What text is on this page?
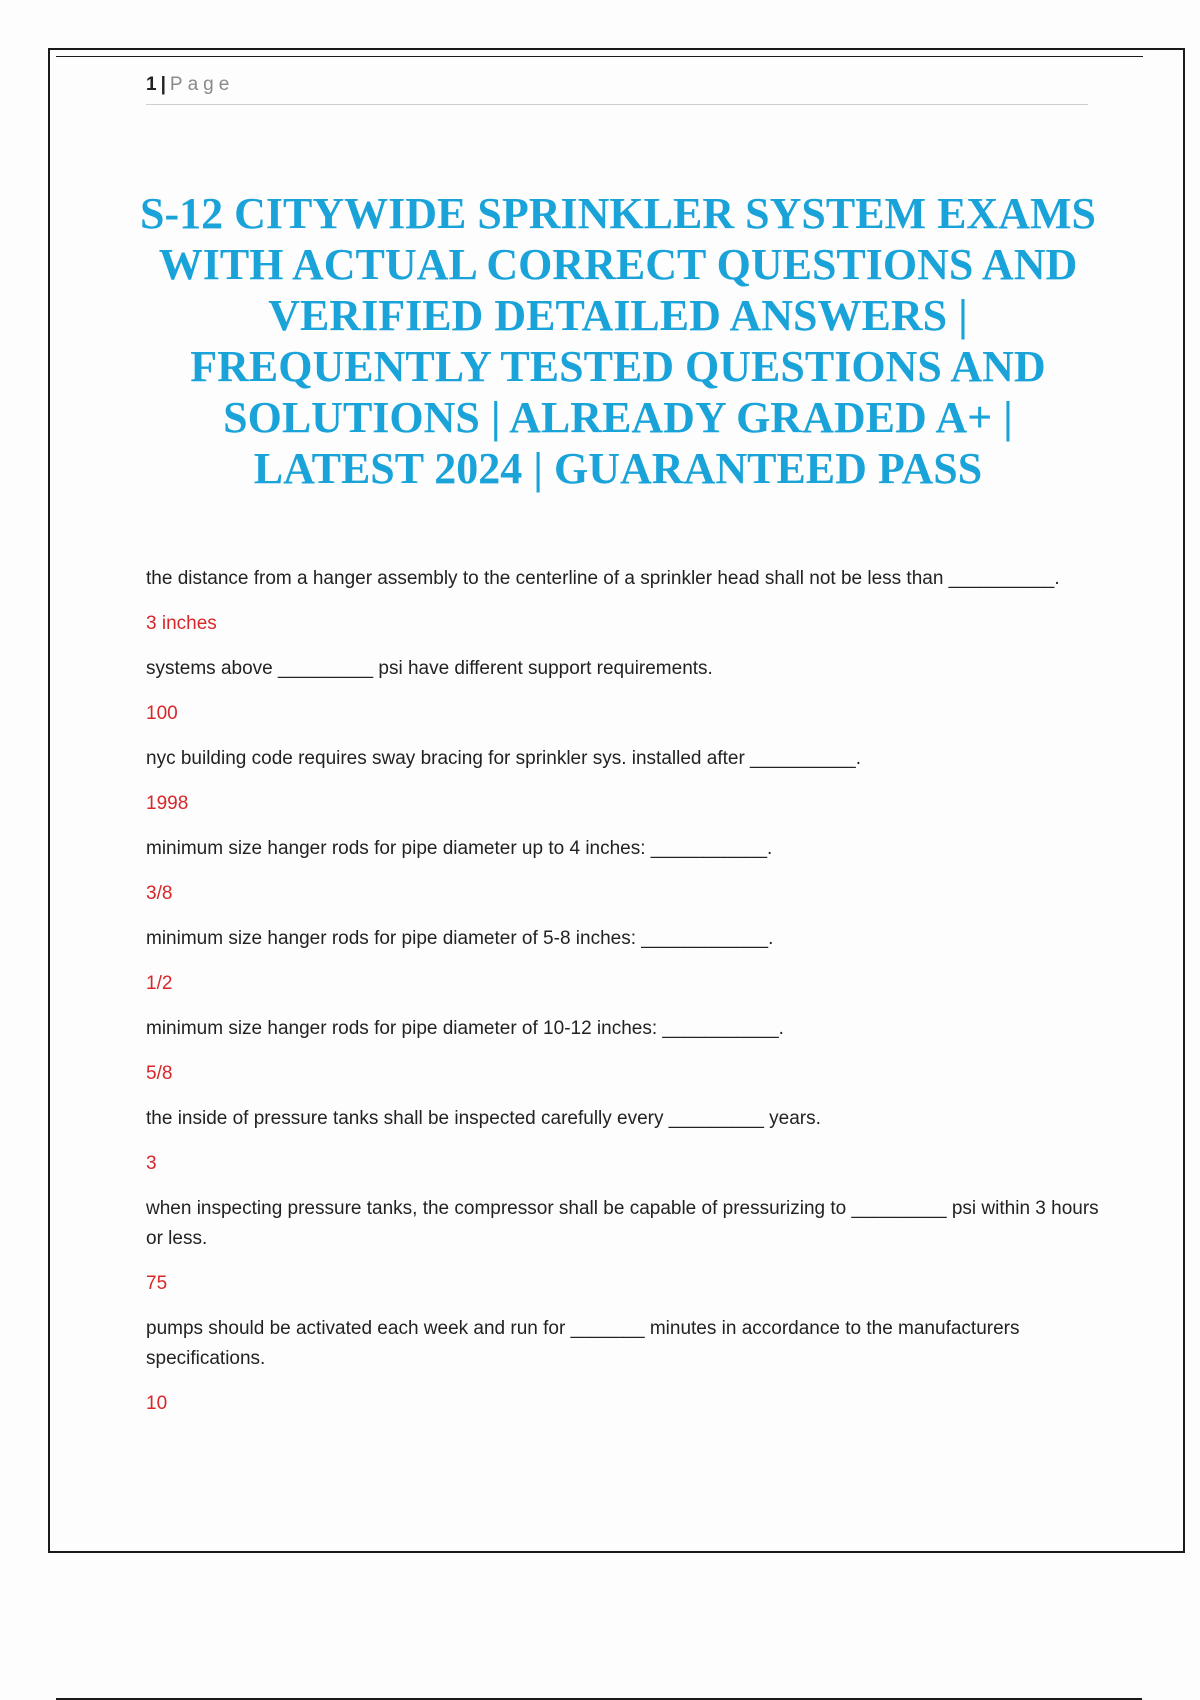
1 | Page
S-12 CITYWIDE SPRINKLER SYSTEM EXAMS WITH ACTUAL CORRECT QUESTIONS AND VERIFIED DETAILED ANSWERS | FREQUENTLY TESTED QUESTIONS AND SOLUTIONS | ALREADY GRADED A+ | LATEST 2024 | GUARANTEED PASS

the distance from a hanger assembly to the centerline of a sprinkler head shall not be less than __________.

3 inches

systems above _________ psi have different support requirements.

100

nyc building code requires sway bracing for sprinkler sys. installed after __________.

1998

minimum size hanger rods for pipe diameter up to 4 inches: ___________.

3/8

minimum size hanger rods for pipe diameter of 5-8 inches: ____________.

1/2

minimum size hanger rods for pipe diameter of 10-12 inches: ___________.

5/8

the inside of pressure tanks shall be inspected carefully every _________ years.

3

when inspecting pressure tanks, the compressor shall be capable of pressurizing to _________ psi within 3 hours or less.

75

pumps should be activated each week and run for _______ minutes in accordance to the manufacturers specifications.

10
